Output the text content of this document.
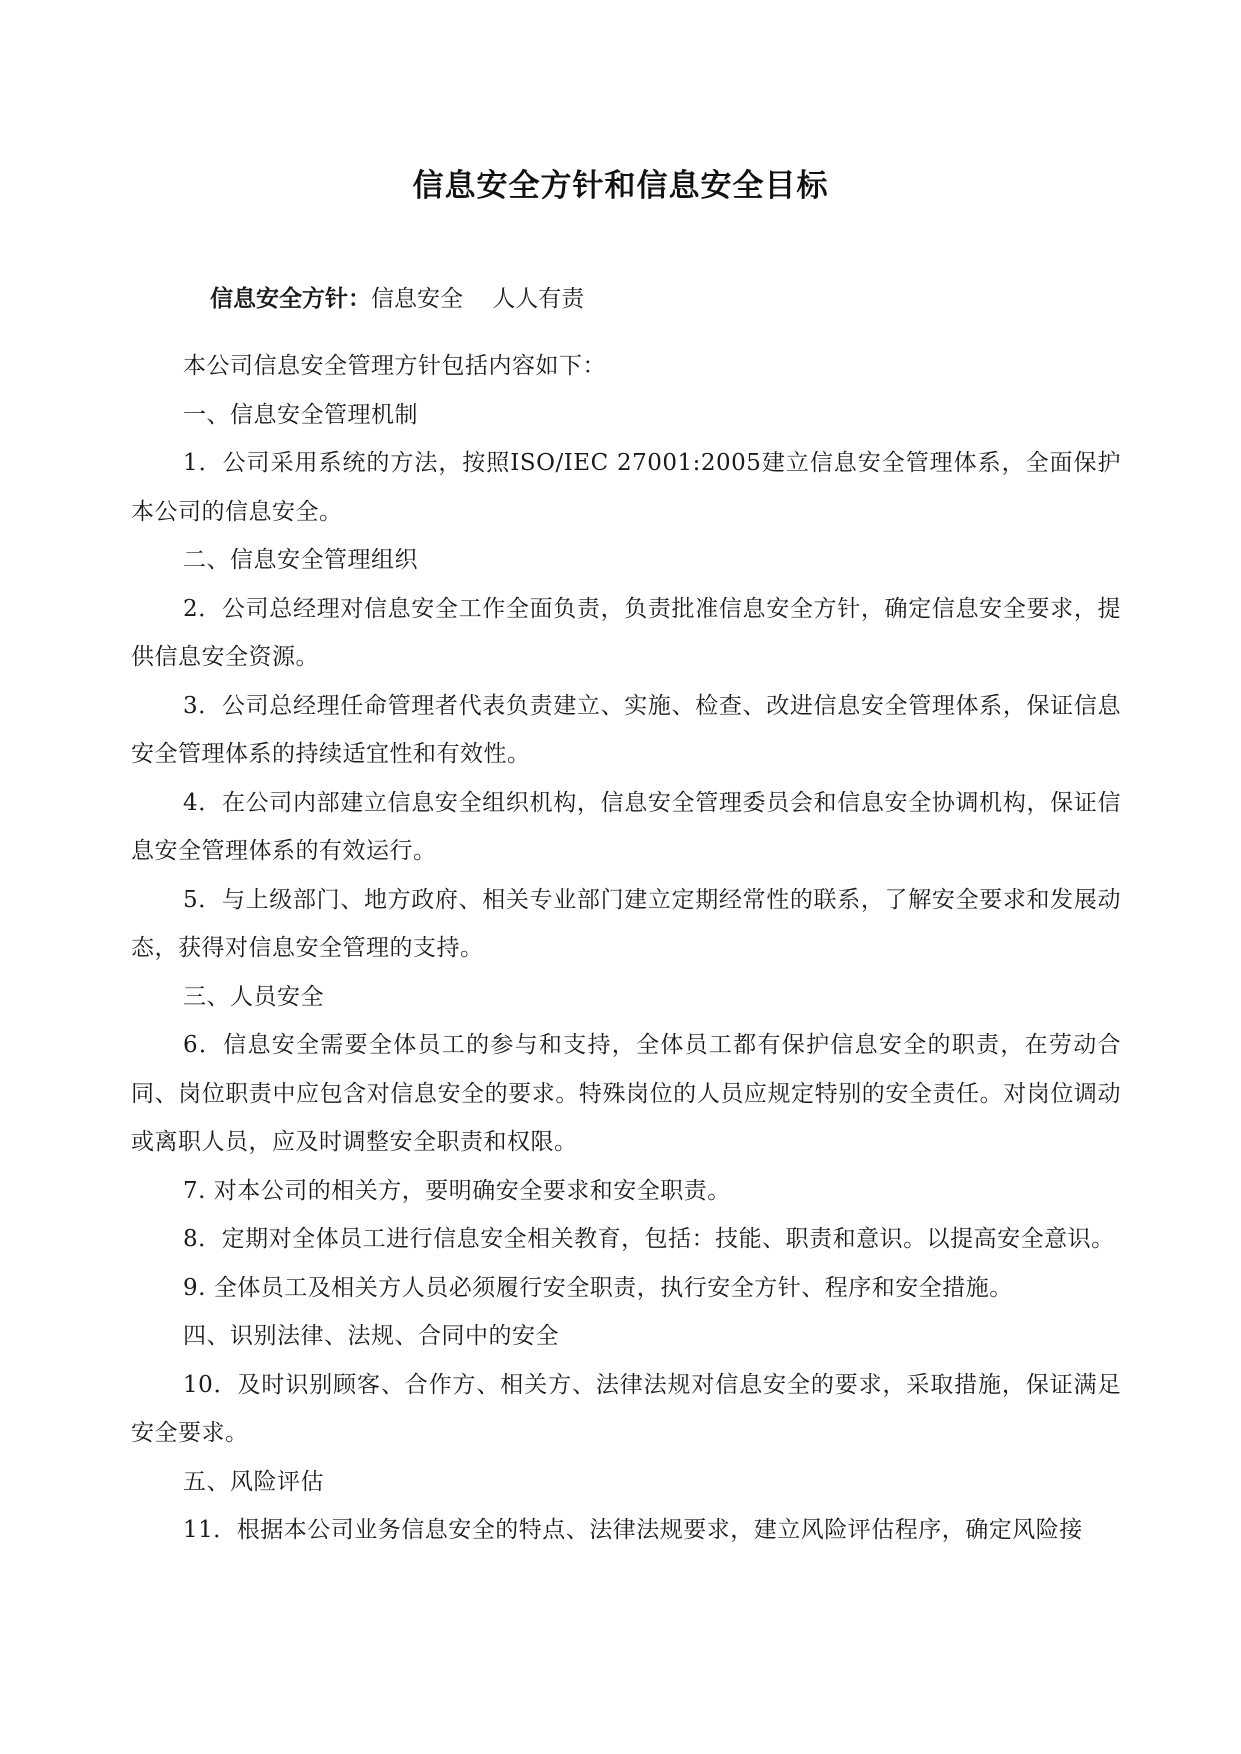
信息安全方针和信息安全目标
信息安全方针：信息安全    人人有责

本公司信息安全管理方针包括内容如下：

一、信息安全管理机制

1．公司采用系统的方法，按照ISO/IEC 27001:2005建立信息安全管理体系，全面保护本公司的信息安全。

二、信息安全管理组织

2．公司总经理对信息安全工作全面负责，负责批准信息安全方针，确定信息安全要求，提供信息安全资源。

3．公司总经理任命管理者代表负责建立、实施、检查、改进信息安全管理体系，保证信息安全管理体系的持续适宜性和有效性。

4．在公司内部建立信息安全组织机构，信息安全管理委员会和信息安全协调机构，保证信息安全管理体系的有效运行。

5．与上级部门、地方政府、相关专业部门建立定期经常性的联系，了解安全要求和发展动态，获得对信息安全管理的支持。

三、人员安全

6．信息安全需要全体员工的参与和支持，全体员工都有保护信息安全的职责，在劳动合同、岗位职责中应包含对信息安全的要求。特殊岗位的人员应规定特别的安全责任。对岗位调动或离职人员，应及时调整安全职责和权限。

7. 对本公司的相关方，要明确安全要求和安全职责。

8．定期对全体员工进行信息安全相关教育，包括：技能、职责和意识。以提高安全意识。

9. 全体员工及相关方人员必须履行安全职责，执行安全方针、程序和安全措施。

四、识别法律、法规、合同中的安全

10．及时识别顾客、合作方、相关方、法律法规对信息安全的要求，采取措施，保证满足安全要求。

五、风险评估

11．根据本公司业务信息安全的特点、法律法规要求，建立风险评估程序，确定风险接
